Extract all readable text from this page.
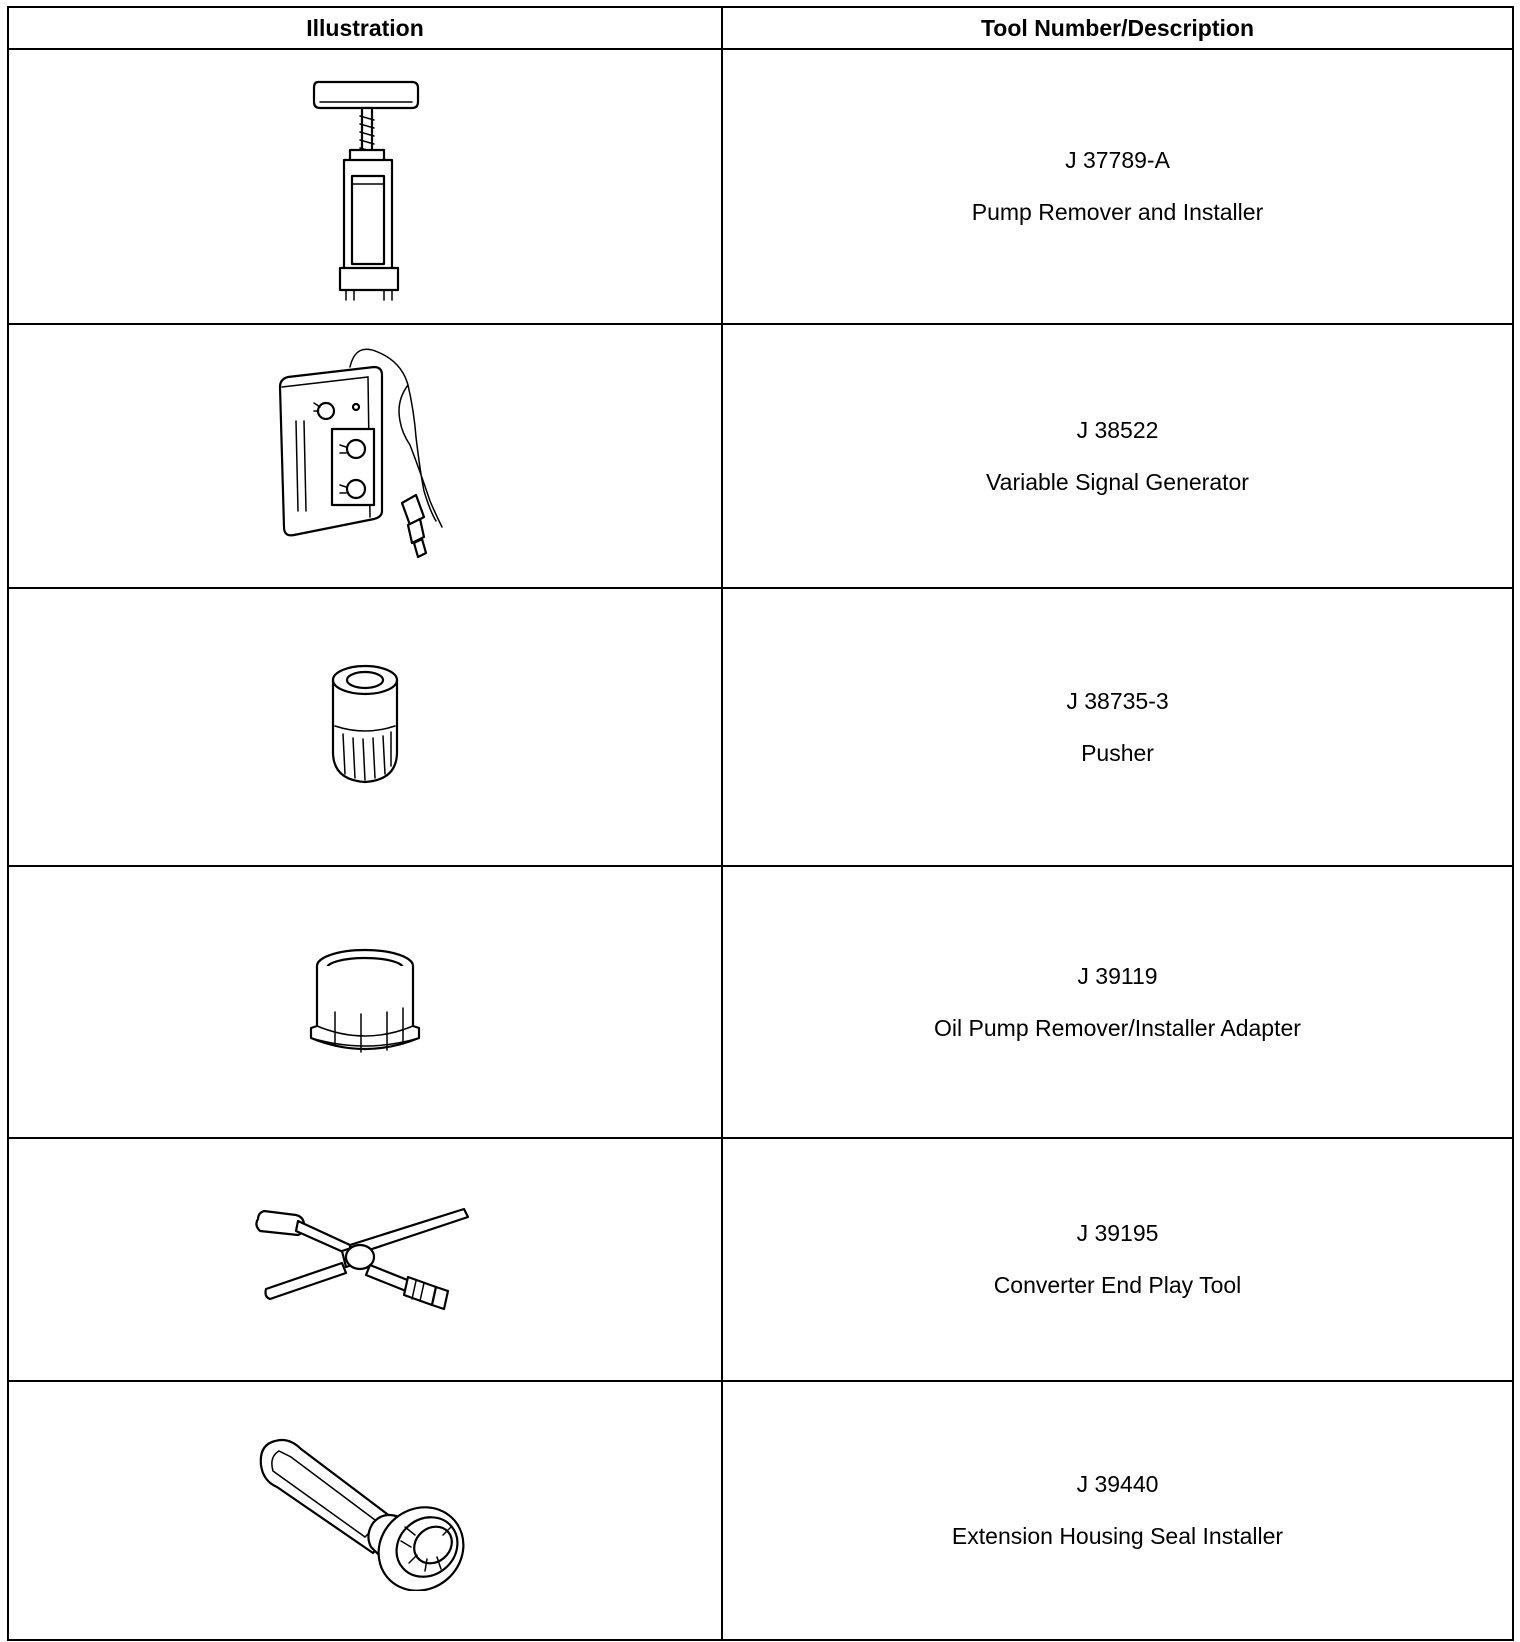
Illustration	Tool Number/Description

J 37789-A
Pump Remover and Installer

J 38522
Variable Signal Generator

J 38735-3
Pusher

J 39119
Oil Pump Remover/Installer Adapter

J 39195
Converter End Play Tool

J 39440
Extension Housing Seal Installer
